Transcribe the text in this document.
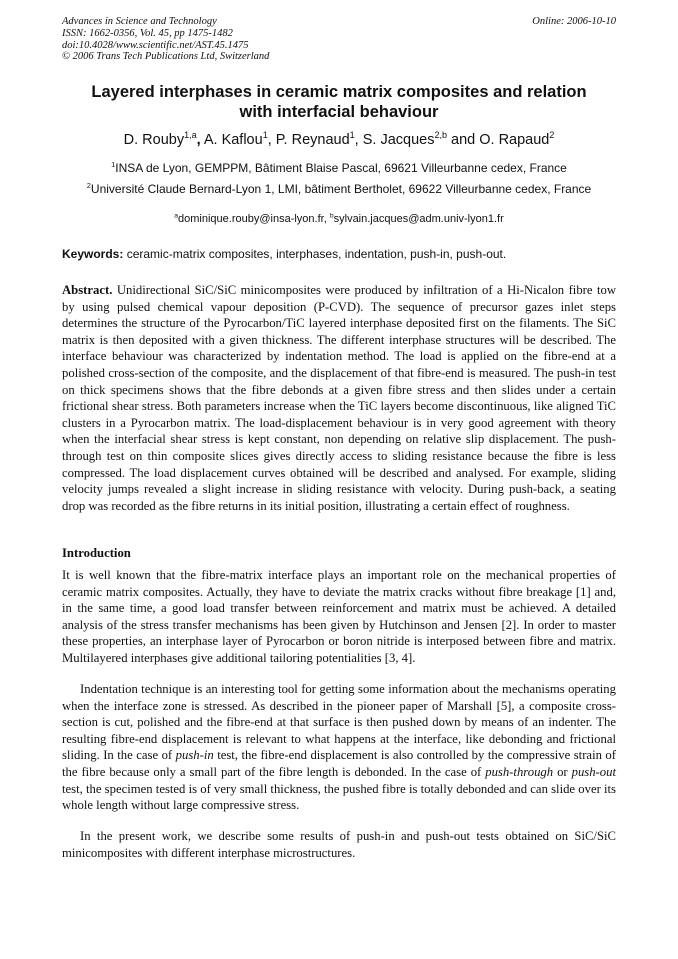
Advances in Science and Technology
ISSN: 1662-0356, Vol. 45, pp 1475-1482
doi:10.4028/www.scientific.net/AST.45.1475
© 2006 Trans Tech Publications Ltd, Switzerland
Online: 2006-10-10
Layered interphases in ceramic matrix composites and relation
with interfacial behaviour
D. Rouby$^{1,a}$, A. Kaflou$^1$, P. Reynaud$^1$, S. Jacques$^{2,b}$ and O. Rapaud$^2$
$^1$INSA de Lyon, GEMPPM, Bâtiment Blaise Pascal, 69621 Villeurbanne cedex, France
$^2$Université Claude Bernard-Lyon 1, LMI, bâtiment Bertholet, 69622 Villeurbanne cedex, France
$^a$dominique.rouby@insa-lyon.fr, $^b$sylvain.jacques@adm.univ-lyon1.fr
Keywords: ceramic-matrix composites, interphases, indentation, push-in, push-out.
Abstract. Unidirectional SiC/SiC minicomposites were produced by infiltration of a Hi-Nicalon fibre tow by using pulsed chemical vapour deposition (P-CVD). The sequence of precursor gazes inlet steps determines the structure of the Pyrocarbon/TiC layered interphase deposited first on the filaments. The SiC matrix is then deposited with a given thickness. The different interphase structures will be described. The interface behaviour was characterized by indentation method. The load is applied on the fibre-end at a polished cross-section of the composite, and the displacement of that fibre-end is measured. The push-in test on thick specimens shows that the fibre debonds at a given fibre stress and then slides under a certain frictional shear stress. Both parameters increase when the TiC layers become discontinuous, like aligned TiC clusters in a Pyrocarbon matrix. The load-displacement behaviour is in very good agreement with theory when the interfacial shear stress is kept constant, non depending on relative slip displacement. The push-through test on thin composite slices gives directly access to sliding resistance because the fibre is less compressed. The load displacement curves obtained will be described and analysed. For example, sliding velocity jumps revealed a slight increase in sliding resistance with velocity. During push-back, a seating drop was recorded as the fibre returns in its initial position, illustrating a certain effect of roughness.
Introduction
It is well known that the fibre-matrix interface plays an important role on the mechanical properties of ceramic matrix composites. Actually, they have to deviate the matrix cracks without fibre breakage [1] and, in the same time, a good load transfer between reinforcement and matrix must be achieved. A detailed analysis of the stress transfer mechanisms has been given by Hutchinson and Jensen [2]. In order to master these properties, an interphase layer of Pyrocarbon or boron nitride is interposed between fibre and matrix. Multilayered interphases give additional tailoring potentialities [3, 4].
Indentation technique is an interesting tool for getting some information about the mechanisms operating when the interface zone is stressed. As described in the pioneer paper of Marshall [5], a composite cross-section is cut, polished and the fibre-end at that surface is then pushed down by means of an indenter. The resulting fibre-end displacement is relevant to what happens at the interface, like debonding and frictional sliding. In the case of push-in test, the fibre-end displacement is also controlled by the compressive strain of the fibre because only a small part of the fibre length is debonded. In the case of push-through or push-out test, the specimen tested is of very small thickness, the pushed fibre is totally debonded and can slide over its whole length without large compressive stress.
In the present work, we describe some results of push-in and push-out tests obtained on SiC/SiC minicomposites with different interphase microstructures.
